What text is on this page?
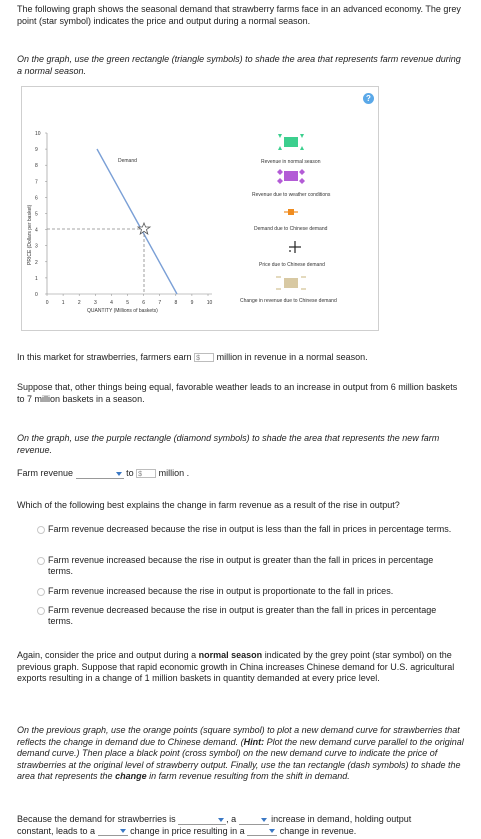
The following graph shows the seasonal demand that strawberry farms face in an advanced economy. The grey point (star symbol) indicates the price and output during a normal season.

On the graph, use the green rectangle (triangle symbols) to shade the area that represents farm revenue during a normal season.

10
9
8
7
6
5
4
3
2
1
0
0	1	2	3	4	5	6	7	8	9	10
PRICE (Dollars per basket)
QUANTITY (Millions of baskets)
Demand	Revenue in normal season
Revenue due to weather conditions
Demand due to Chinese demand
Price due to Chinese demand
Change in revenue due to Chinese demand
?

In this market for strawberries, farmers earn $ million in revenue in a normal season.

Suppose that, other things being equal, favorable weather leads to an increase in output from 6 million baskets to 7 million baskets in a season.

On the graph, use the purple rectangle (diamond symbols) to shade the area that represents the new farm revenue.

Farm revenue	to $ million .

Which of the following best explains the change in farm revenue as a result of the rise in output?

Farm revenue decreased because the rise in output is less than the fall in prices in percentage terms.
Farm revenue increased because the rise in output is greater than the fall in prices in percentage terms.
Farm revenue increased because the rise in output is proportionate to the fall in prices.
Farm revenue decreased because the rise in output is greater than the fall in prices in percentage terms.

Again, consider the price and output during a normal season indicated by the grey point (star symbol) on the previous graph. Suppose that rapid economic growth in China increases Chinese demand for U.S. agricultural exports resulting in a change of 1 million baskets in quantity demanded at every price level.

On the previous graph, use the orange points (square symbol) to plot a new demand curve for strawberries that reflects the change in demand due to Chinese demand. (Hint: Plot the new demand curve parallel to the original demand curve.) Then place a black point (cross symbol) on the new demand curve to indicate the price of strawberries at the original level of strawberry output. Finally, use the tan rectangle (dash symbols) to shade the area that represents the change in farm revenue resulting from the shift in demand.

Because the demand for strawberries is	, a	increase in demand, holding output
constant, leads to a	change in price resulting in a	change in revenue.
